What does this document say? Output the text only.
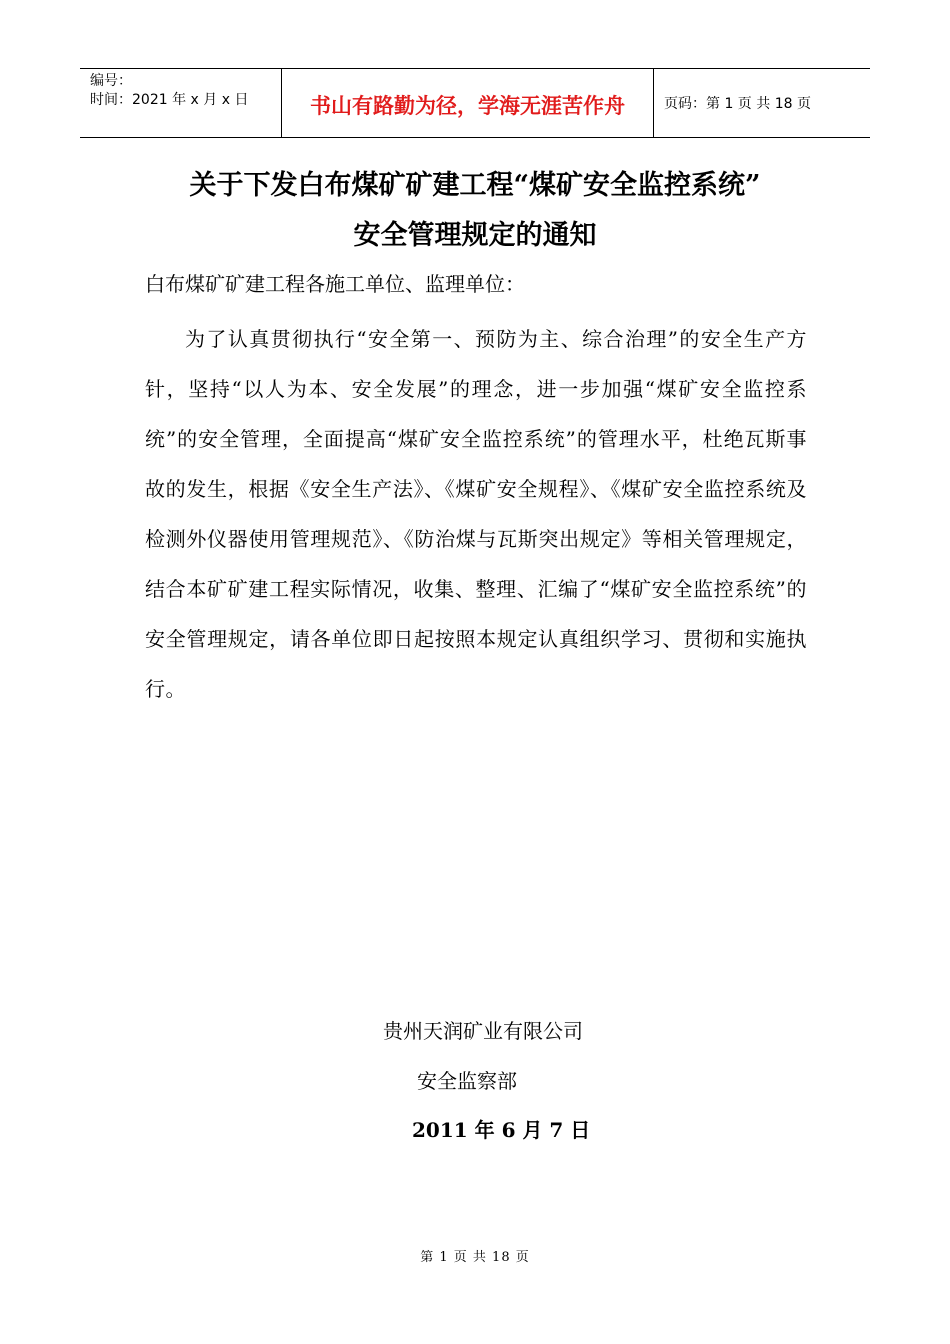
编号：
时间：2021 年 x 月 x 日	书山有路勤为径，学海无涯苦作舟	页码：第 1 页 共 18 页
关于下发白布煤矿矿建工程“煤矿安全监控系统”
安全管理规定的通知

白布煤矿矿建工程各施工单位、监理单位：

为了认真贯彻执行“安全第一、预防为主、综合治理”的安全生产方针，坚持“以人为本、安全发展”的理念，进一步加强“煤矿安全监控系统”的安全管理，全面提高“煤矿安全监控系统”的管理水平，杜绝瓦斯事故的发生，根据《安全生产法》、《煤矿安全规程》、《煤矿安全监控系统及检测外仪器使用管理规范》、《防治煤与瓦斯突出规定》等相关管理规定，结合本矿矿建工程实际情况，收集、整理、汇编了“煤矿安全监控系统”的安全管理规定，请各单位即日起按照本规定认真组织学习、贯彻和实施执行。

贵州天润矿业有限公司

安全监察部

2011 年 6 月 7 日

第 1 页 共 18 页
